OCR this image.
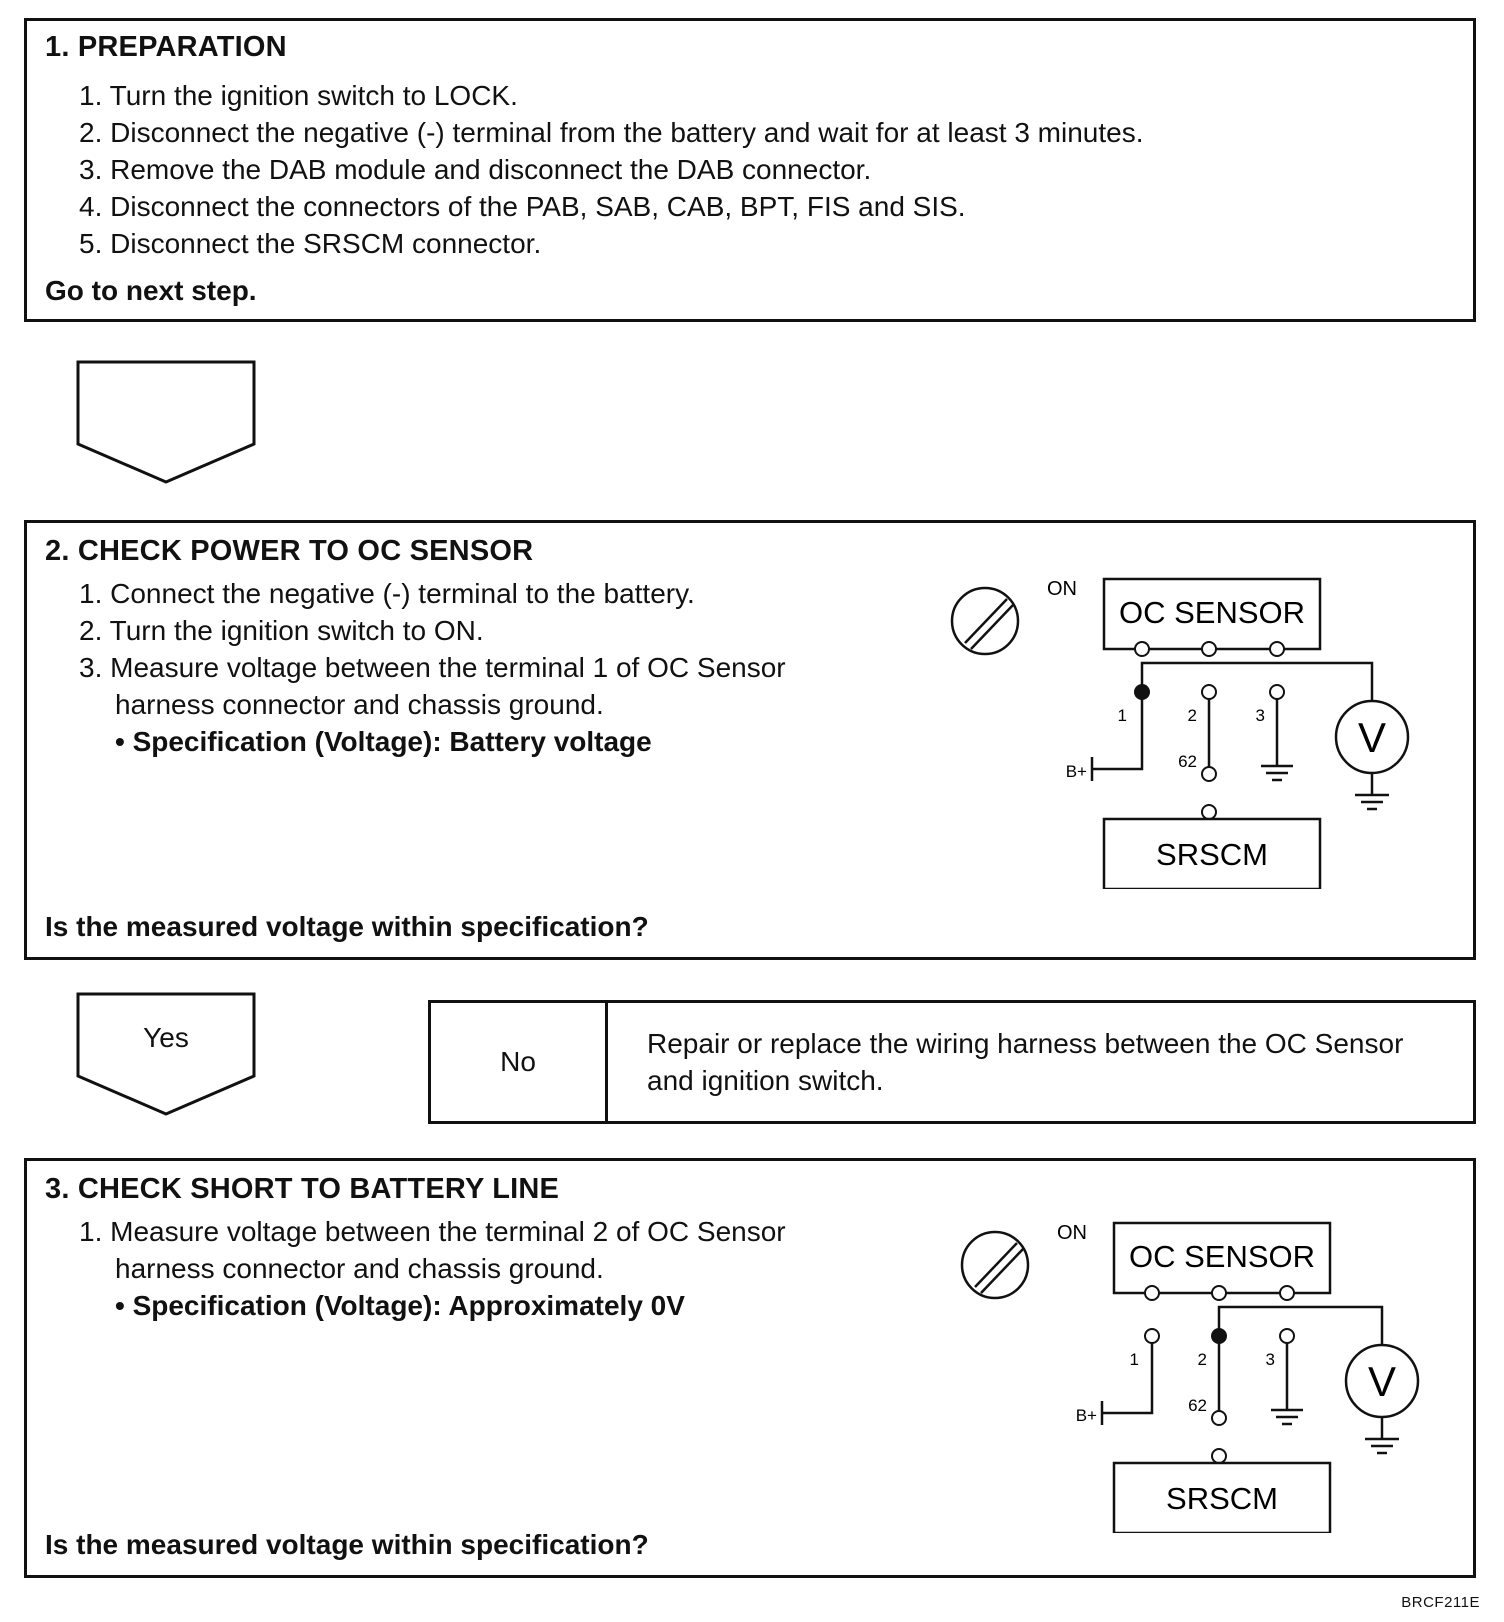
1. PREPARATION
1. Turn the ignition switch to LOCK.
2. Disconnect the negative (-) terminal from the battery and wait for at least 3 minutes.
3. Remove the DAB module and disconnect the DAB connector.
4. Disconnect the connectors of the PAB, SAB, CAB, BPT, FIS and SIS.
5. Disconnect the SRSCM connector.
Go to next step.
2. CHECK POWER TO OC SENSOR
1. Connect the negative (-) terminal to the battery.
2. Turn the ignition switch to ON.
3. Measure voltage between the terminal 1 of OC Sensor
harness connector and chassis ground.
• Specification (Voltage): Battery voltage
Is the measured voltage within specification?
ON
OC SENSOR
1
B+
2
62
3 V
SRSCM
Yes
No
Repair or replace the wiring harness between the OC Sensor and ignition switch.
3. CHECK SHORT TO BATTERY LINE
1. Measure voltage between the terminal 2 of OC Sensor
harness connector and chassis ground.
• Specification (Voltage): Approximately 0V
Is the measured voltage within specification?
ON
OC SENSOR
1
B+
2
62
3 V
SRSCM
BRCF211E
